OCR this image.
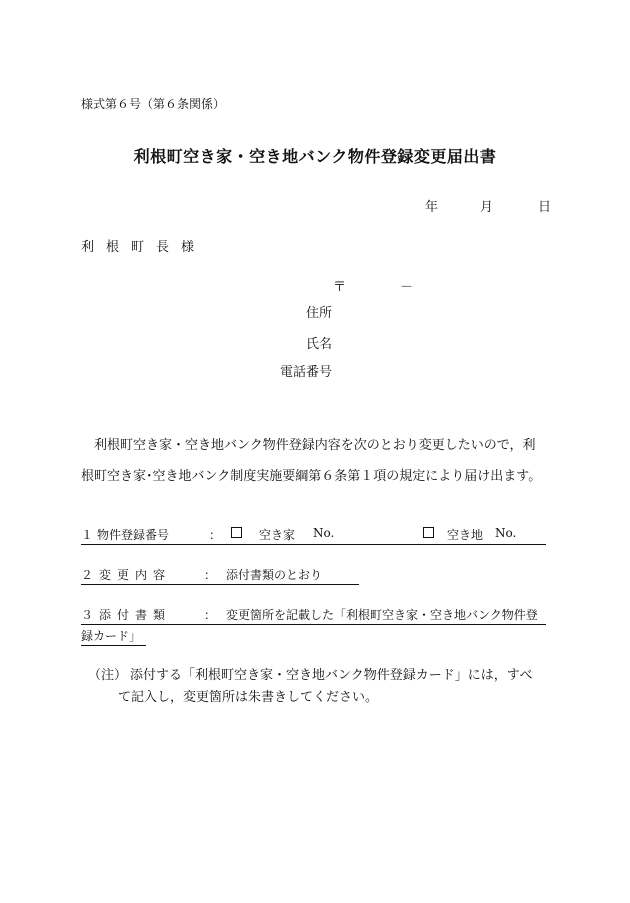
様式第６号（第６条関係）
利根町空き家・空き地バンク物件登録変更届出書
年	月	日
利根町長様
〒	－
住所
氏名
電話番号

利根町空き家・空き地バンク物件登録内容を次のとおり変更したいので，利

根町空き家･空き地バンク制度実施要綱第６条第１項の規定により届け出ます。

１ 物件登録番号	：	空き家	No.	空き地 No.
２ 変更内容	： 添付書類のとおり
３ 添付書類	： 変更箇所を記載した「利根町空き家・空き地バンク物件登
録カード」
（注） 添付する「利根町空き家・空き地バンク物件登録カード」には，すべ
て記入し，変更箇所は朱書きしてください。
